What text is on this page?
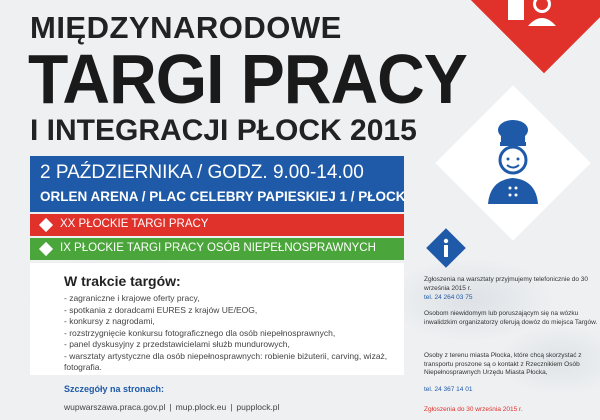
MIĘDZYNARODOWE
TARGI PRACY
I INTEGRACJI PŁOCK 2015
2 PAŹDZIERNIKA / GODZ. 9.00-14.00
ORLEN ARENA / PLAC CELEBRY PAPIESKIEJ 1 / PŁOCK
XX PŁOCKIE TARGI PRACY
IX PŁOCKIE TARGI PRACY OSÓB NIEPEŁNOSPRAWNYCH
W trakcie targów:
- zagraniczne i krajowe oferty pracy,
- spotkania z doradcami EURES z krajów UE/EOG,
- konkursy z nagrodami,
- rozstrzygnięcie konkursu fotograficznego dla osób niepełnosprawnych,
- panel dyskusyjny z przedstawicielami służb mundurowych,
- warsztaty artystyczne dla osób niepełnosprawnych: robienie biżuterii, carving, wizaż, fotografia.
Szczegóły na stronach:
wupwarszawa.praca.gov.pl | mup.plock.eu | pupplock.pl
Zgłoszenia na warsztaty przyjmujemy telefonicznie do 30 września 2015 r.
tel. 24 264 03 75
Osobom niewidomym lub poruszającym się na wózku inwalidzkim organizatorzy oferują dowóz do miejsca Targów.
Osoby z terenu miasta Płocka, które chcą skorzystać z transportu proszone są o kontakt z Rzecznikiem Osób Niepełnosprawnych Urzędu Miasta Płocka,
tel. 24 367 14 01
Zgłoszenia do 30 września 2015 r.
